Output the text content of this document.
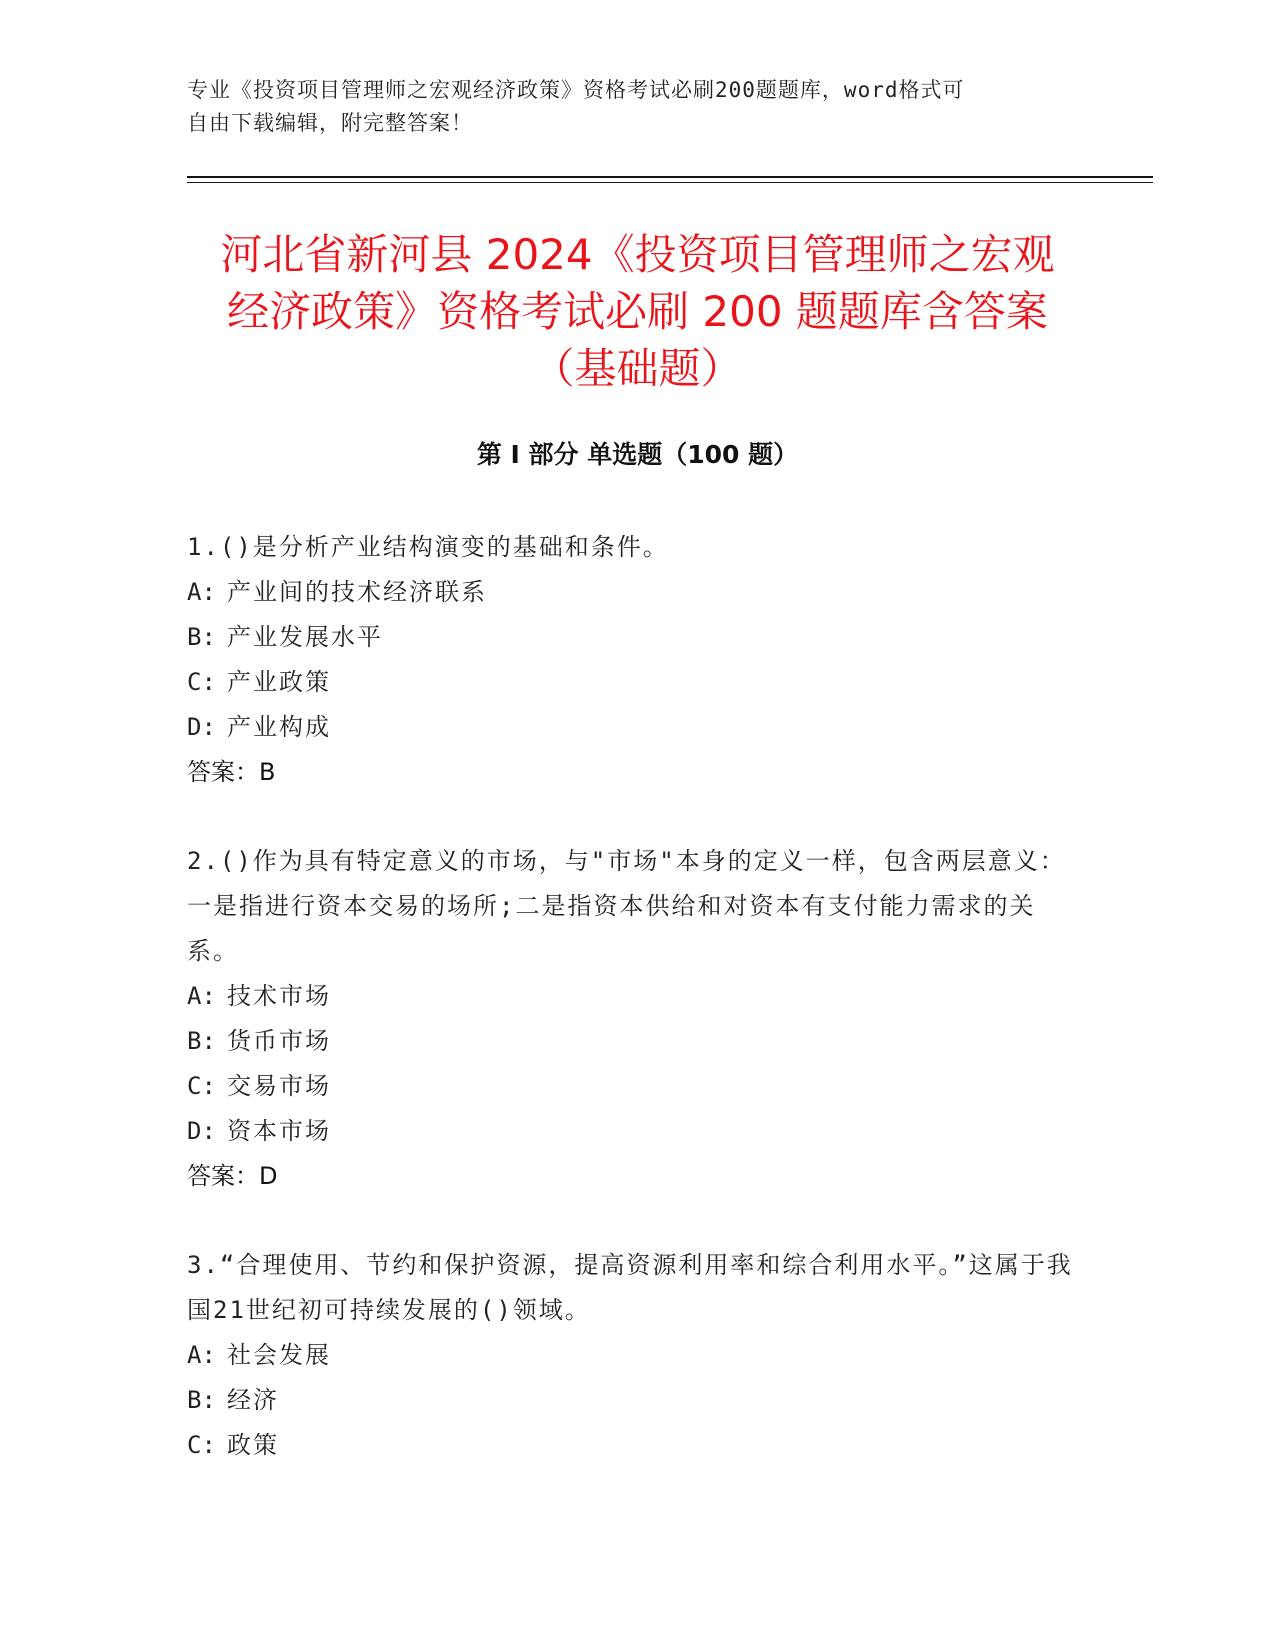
专业《投资项目管理师之宏观经济政策》资格考试必刷200题题库，word格式可
自由下载编辑，附完整答案！
河北省新河县 2024《投资项目管理师之宏观
经济政策》资格考试必刷 200 题题库含答案
（基础题）
第 I 部分 单选题（100 题）

1.()是分析产业结构演变的基础和条件。

A: 产业间的技术经济联系

B: 产业发展水平

C: 产业政策

D: 产业构成

答案：B

2.()作为具有特定意义的市场，与"市场"本身的定义一样，包含两层意义：一是指进行资本交易的场所;二是指资本供给和对资本有支付能力需求的关系。

A: 技术市场

B: 货币市场

C: 交易市场

D: 资本市场

答案：D

3.“合理使用、节约和保护资源，提高资源利用率和综合利用水平。”这属于我国21世纪初可持续发展的()领域。

A: 社会发展

B: 经济

C: 政策
